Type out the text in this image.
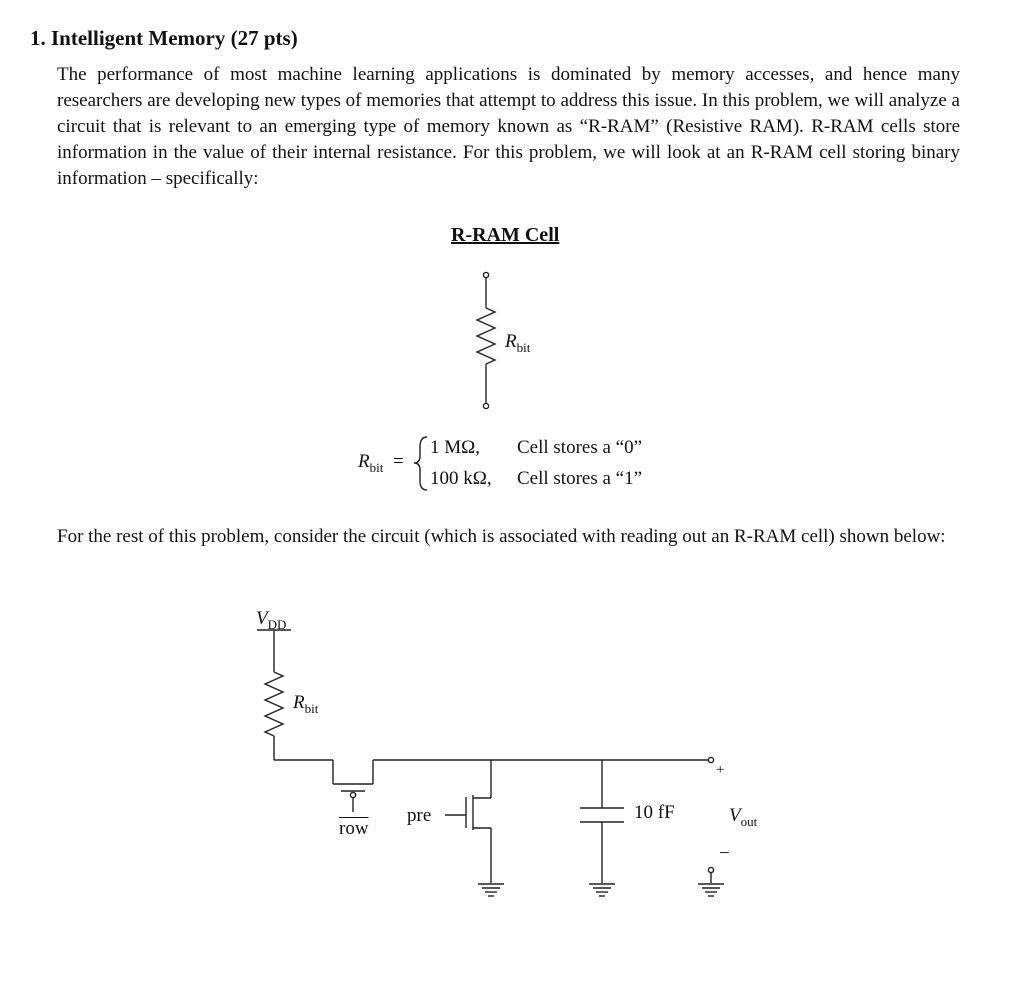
1. Intelligent Memory (27 pts)

The performance of most machine learning applications is dominated by memory accesses, and hence many researchers are developing new types of memories that attempt to address this issue. In this problem, we will analyze a circuit that is relevant to an emerging type of memory known as “R-RAM” (Resistive RAM). R-RAM cells store information in the value of their internal resistance. For this problem, we will look at an R-RAM cell storing binary information – specifically:

R-RAM Cell
$R_{bit}$
$R_{bit}$ =
1 MΩ, Cell stores a “0”
100 kΩ, Cell stores a “1”

For the rest of this problem, consider the circuit (which is associated with reading out an R-RAM cell) shown below:

$V_{DD}$
$R_{bit}$
$\overline{row}$
pre	10 fF
+
$V_{out}$
−
